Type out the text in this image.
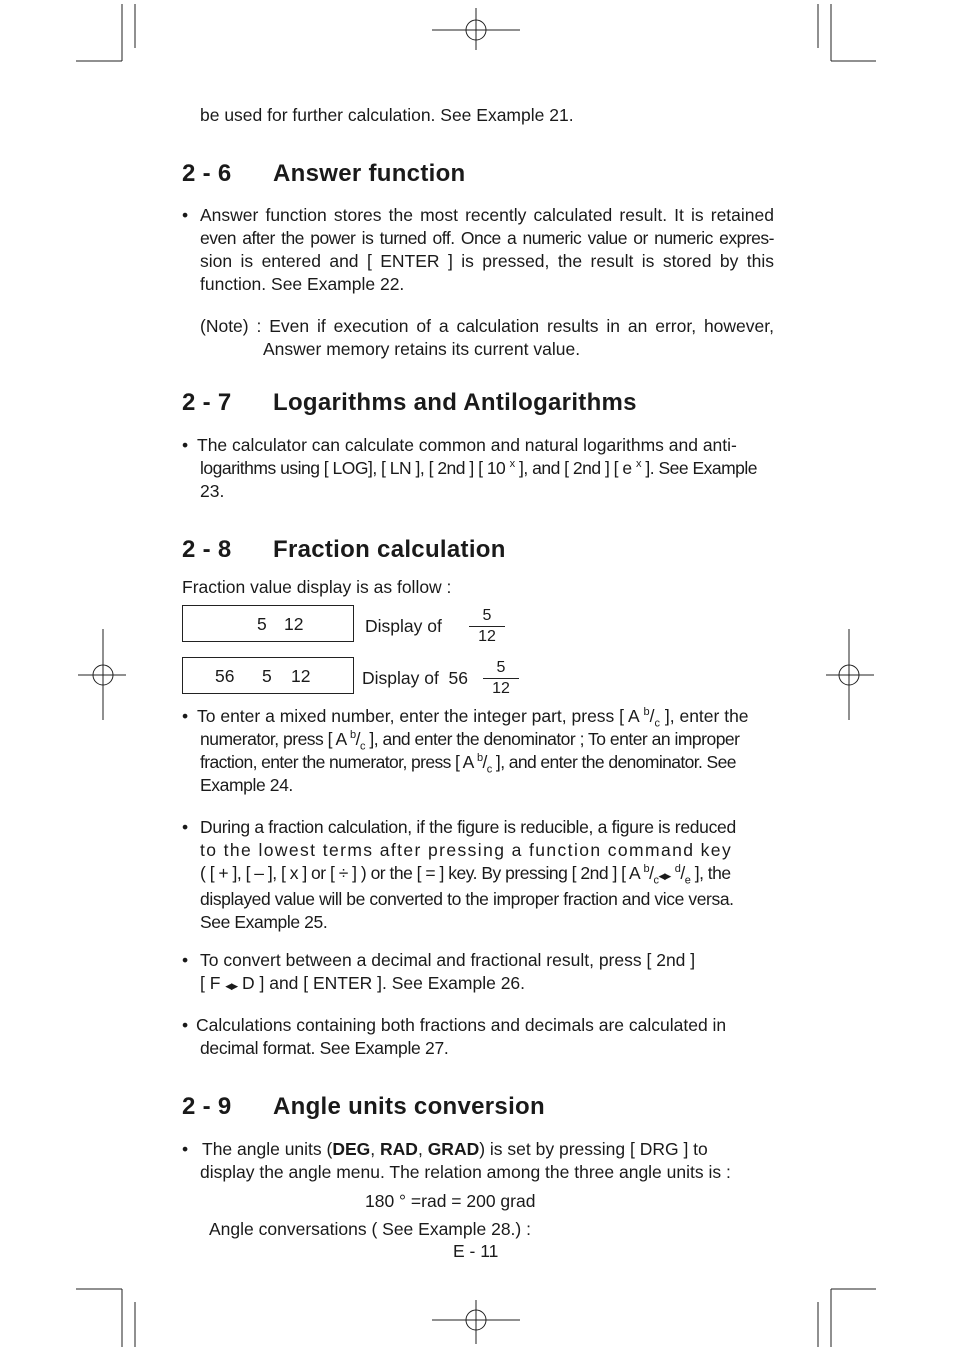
be used for further calculation. See Example 21.
2 - 6 Answer function
• Answer function stores the most recently calculated result. It is retained
even after the power is turned off. Once a numeric value or numeric expres-
sion is entered and [ ENTER ] is pressed, the result is stored by this
function. See Example 22.
(Note) : Even if execution of a calculation results in an error, however,
Answer memory retains its current value.
2 - 7 Logarithms and Antilogarithms
• The calculator can calculate common and natural logarithms and anti-
logarithms using [ LOG], [ LN ], [ 2nd ] [ 10 $^x$ ], and [ 2nd ] [ e $^x$ ]. See Example
23.
2 - 8 Fraction calculation
Fraction value display is as follow :
5 12	Display of
5
12
56 5 12	Display of  56
5
12
• To enter a mixed number, enter the integer part, press [ A $^b/_c$ ], enter the
numerator, press [ A $^b/_c$ ], and enter the denominator ; To enter an improper
fraction, enter the numerator, press [ A $^b/_c$ ], and enter the denominator. See
Example 24.
• During a fraction calculation, if the figure is reducible, a figure is reduced
to the lowest terms after pressing a function command key
( [ + ], [ – ], [ x ] or [ ÷ ] ) or the [ = ] key. By pressing [ 2nd ] [ A $^b/_c◀▶$ $^d/_e$ ], the
displayed value will be converted to the improper fraction and vice versa.
See Example 25.
• To convert between a decimal and fractional result, press [ 2nd ]
[ F ◀▶ D ] and [ ENTER ]. See Example 26.
• Calculations containing both fractions and decimals are calculated in
decimal format. See Example 27.
2 - 9 Angle units conversion
• The angle units (DEG, RAD, GRAD) is set by pressing [ DRG ] to
display the angle menu. The relation among the three angle units is :
180 ° =rad = 200 grad
Angle conversations ( See Example 28.) :
E - 11
